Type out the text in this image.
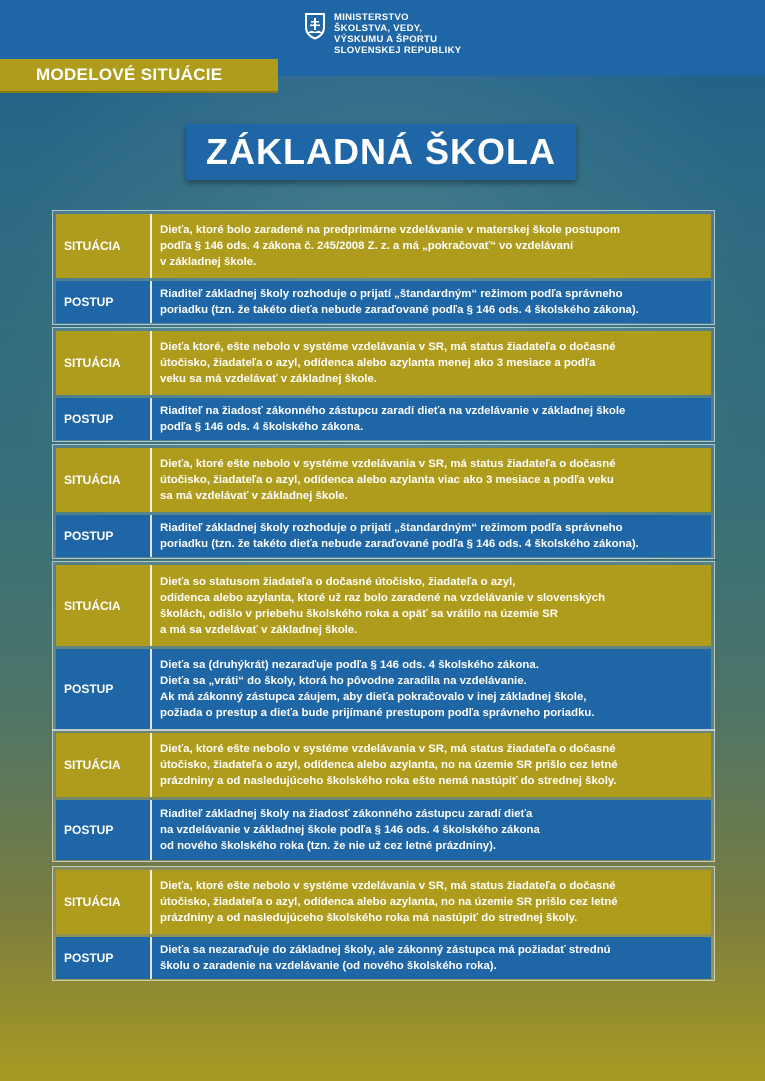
MINISTERSTVO
ŠKOLSTVA, VEDY,
VÝSKUMU A ŠPORTU
SLOVENSKEJ REPUBLIKY
MODELOVÉ SITUÁCIE
ZÁKLADNÁ ŠKOLA
SITUÁCIA
Dieťa, ktoré bolo zaradené na predprimárne vzdelávanie v materskej škole postupom
podľa § 146 ods. 4 zákona č. 245/2008 Z. z. a má „pokračovať“ vo vzdelávaní
v základnej škole.
POSTUP
Riaditeľ základnej školy rozhoduje o prijatí „štandardným“ režimom podľa správneho
poriadku (tzn. že takéto dieťa nebude zaraďované podľa § 146 ods. 4 školského zákona).
SITUÁCIA
Dieťa ktoré, ešte nebolo v systéme vzdelávania v SR, má status žiadateľa o dočasné
útočisko, žiadateľa o azyl, odídenca alebo azylanta menej ako 3 mesiace a podľa
veku sa má vzdelávať v základnej škole.
POSTUP
Riaditeľ na žiadosť zákonného zástupcu zaradí dieťa na vzdelávanie v základnej škole
podľa § 146 ods. 4 školského zákona.
SITUÁCIA
Dieťa, ktoré ešte nebolo v systéme vzdelávania v SR, má status žiadateľa o dočasné
útočisko, žiadateľa o azyl, odídenca alebo azylanta viac ako 3 mesiace a podľa veku
sa má vzdelávať v základnej škole.
POSTUP
Riaditeľ základnej školy rozhoduje o prijatí „štandardným“ režimom podľa správneho
poriadku (tzn. že takéto dieťa nebude zaraďované podľa § 146 ods. 4 školského zákona).
SITUÁCIA
Dieťa so statusom žiadateľa o dočasné útočisko, žiadateľa o azyl,
odídenca alebo azylanta, ktoré už raz bolo zaradené na vzdelávanie v slovenských
školách, odišlo v priebehu školského roka a opäť sa vrátilo na územie SR
a má sa vzdelávať v základnej škole.
POSTUP
Dieťa sa (druhýkrát) nezaraďuje podľa § 146 ods. 4 školského zákona.
Dieťa sa „vráti“ do školy, ktorá ho pôvodne zaradila na vzdelávanie.
Ak má zákonný zástupca záujem, aby dieťa pokračovalo v inej základnej škole,
požiada o prestup a dieťa bude prijímané prestupom podľa správneho poriadku.
SITUÁCIA
Dieťa, ktoré ešte nebolo v systéme vzdelávania v SR, má status žiadateľa o dočasné
útočisko, žiadateľa o azyl, odídenca alebo azylanta, no na územie SR prišlo cez letné
prázdniny a od nasledujúceho školského roka ešte nemá nastúpiť do strednej školy.
POSTUP
Riaditeľ základnej školy na žiadosť zákonného zástupcu zaradí dieťa
na vzdelávanie v základnej škole podľa § 146 ods. 4 školského zákona
od nového školského roka (tzn. že nie už cez letné prázdniny).
SITUÁCIA
Dieťa, ktoré ešte nebolo v systéme vzdelávania v SR, má status žiadateľa o dočasné
útočisko, žiadateľa o azyl, odídenca alebo azylanta, no na územie SR prišlo cez letné
prázdniny a od nasledujúceho školského roka má nastúpiť do strednej školy.
POSTUP
Dieťa sa nezaraďuje do základnej školy, ale zákonný zástupca má požiadať strednú
školu o zaradenie na vzdelávanie (od nového školského roka).
